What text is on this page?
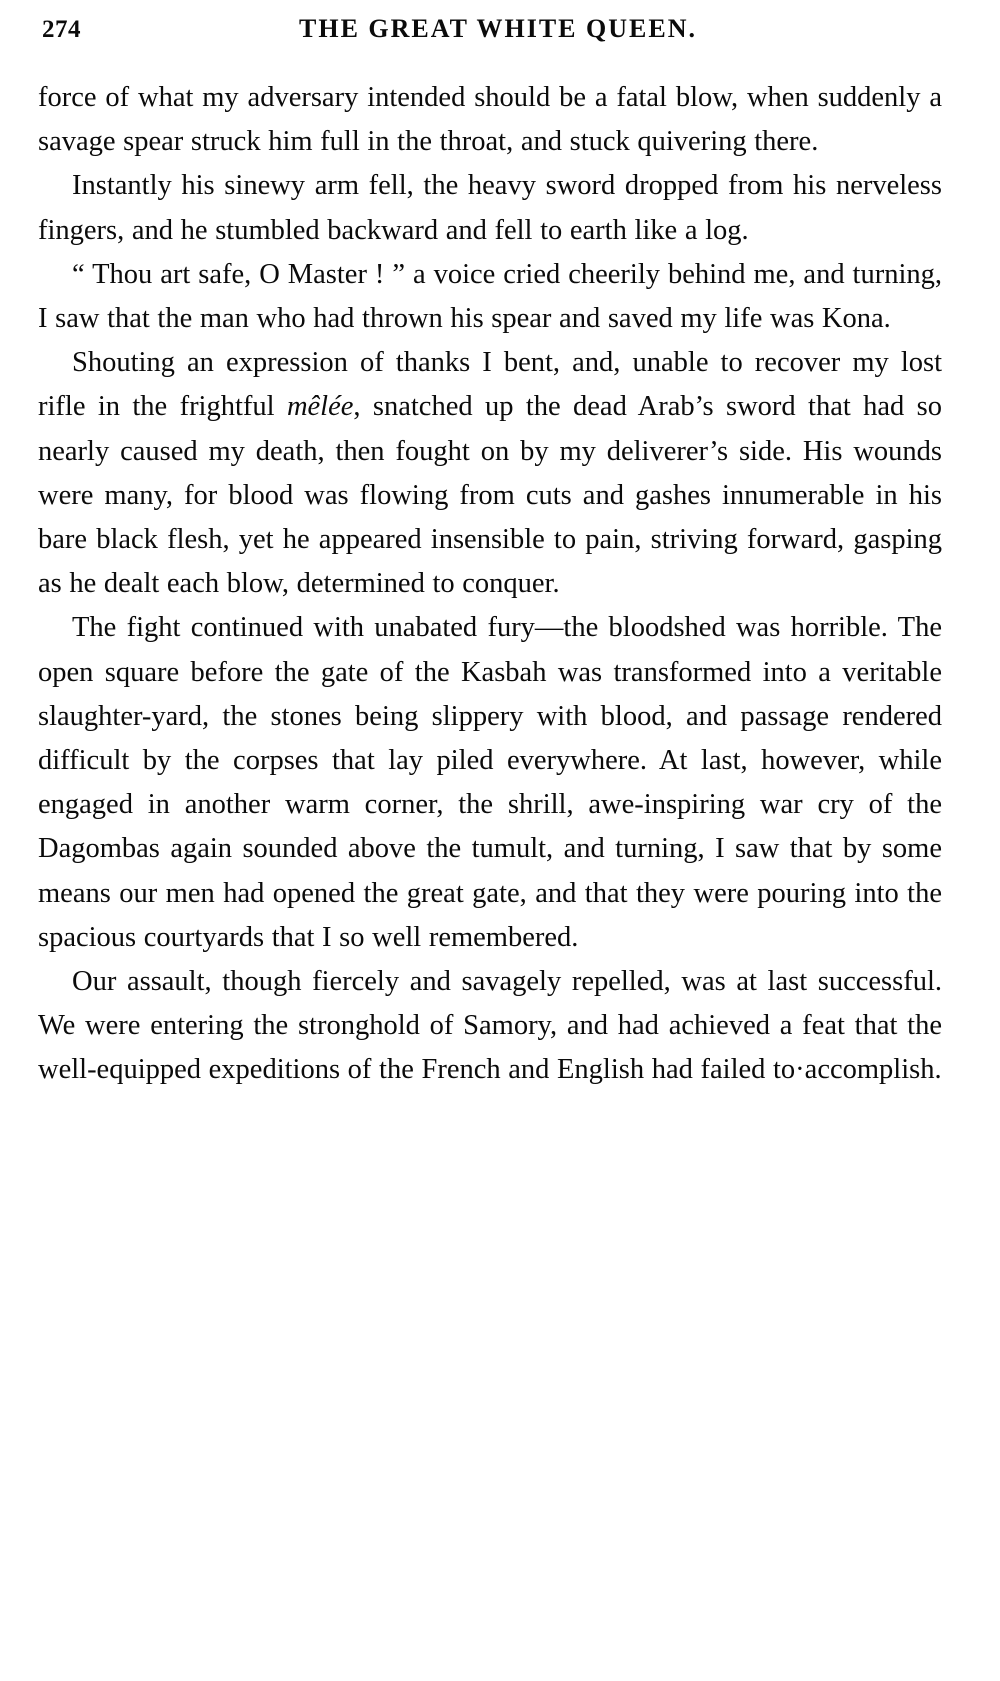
274	THE GREAT WHITE QUEEN.

force of what my adversary intended should be a fatal blow, when suddenly a savage spear struck him full in the throat, and stuck quivering there.

Instantly his sinewy arm fell, the heavy sword dropped from his nerveless fingers, and he stumbled backward and fell to earth like a log.

“ Thou art safe, O Master ! ” a voice cried cheerily behind me, and turning, I saw that the man who had thrown his spear and saved my life was Kona.

Shouting an expression of thanks I bent, and, unable to recover my lost rifle in the frightful mêlée, snatched up the dead Arab’s sword that had so nearly caused my death, then fought on by my deliverer’s side. His wounds were many, for blood was flowing from cuts and gashes innumerable in his bare black flesh, yet he appeared insensible to pain, striving forward, gasping as he dealt each blow, determined to conquer.

The fight continued with unabated fury—the bloodshed was horrible. The open square before the gate of the Kasbah was transformed into a veritable slaughter-yard, the stones being slippery with blood, and passage rendered difficult by the corpses that lay piled everywhere. At last, however, while engaged in another warm corner, the shrill, awe-inspiring war cry of the Dagombas again sounded above the tumult, and turning, I saw that by some means our men had opened the great gate, and that they were pouring into the spacious courtyards that I so well remembered.

Our assault, though fiercely and savagely repelled, was at last successful. We were entering the stronghold of Samory, and had achieved a feat that the well-equipped expeditions of the French and English had failed to·accomplish.
